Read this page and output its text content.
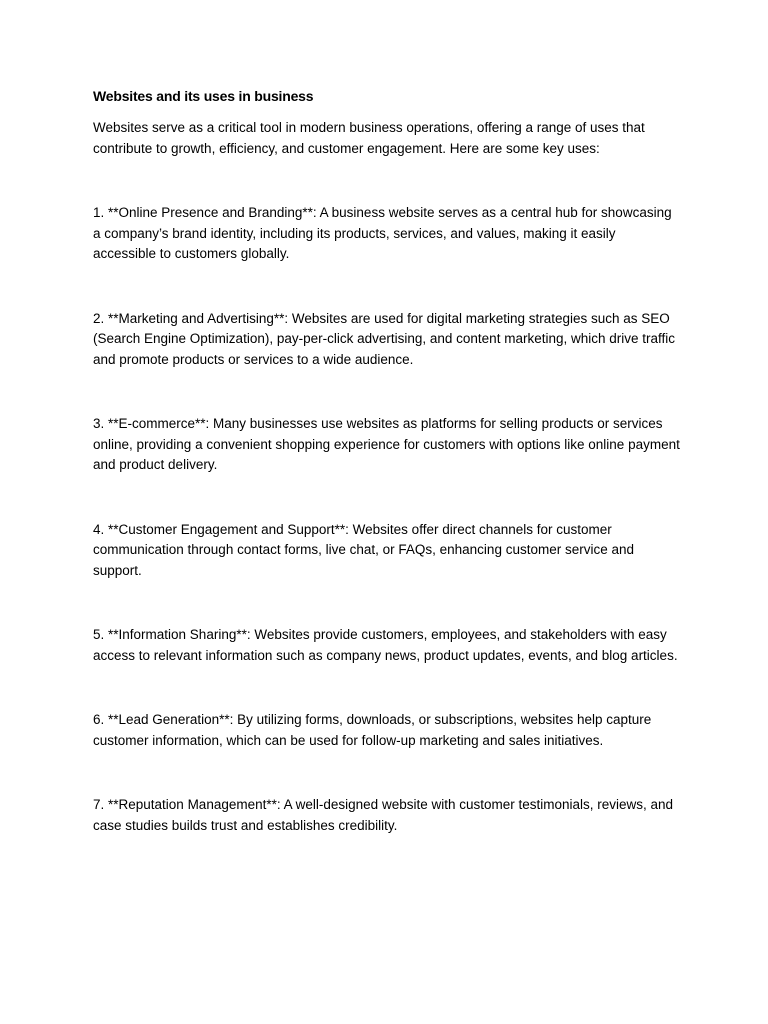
Websites and its uses in business

Websites serve as a critical tool in modern business operations, offering a range of uses that contribute to growth, efficiency, and customer engagement. Here are some key uses:

1. **Online Presence and Branding**: A business website serves as a central hub for showcasing a company’s brand identity, including its products, services, and values, making it easily accessible to customers globally.
2. **Marketing and Advertising**: Websites are used for digital marketing strategies such as SEO (Search Engine Optimization), pay-per-click advertising, and content marketing, which drive traffic and promote products or services to a wide audience.
3. **E-commerce**: Many businesses use websites as platforms for selling products or services online, providing a convenient shopping experience for customers with options like online payment and product delivery.
4. **Customer Engagement and Support**: Websites offer direct channels for customer communication through contact forms, live chat, or FAQs, enhancing customer service and support.
5. **Information Sharing**: Websites provide customers, employees, and stakeholders with easy access to relevant information such as company news, product updates, events, and blog articles.
6. **Lead Generation**: By utilizing forms, downloads, or subscriptions, websites help capture customer information, which can be used for follow-up marketing and sales initiatives.
7. **Reputation Management**: A well-designed website with customer testimonials, reviews, and case studies builds trust and establishes credibility.
